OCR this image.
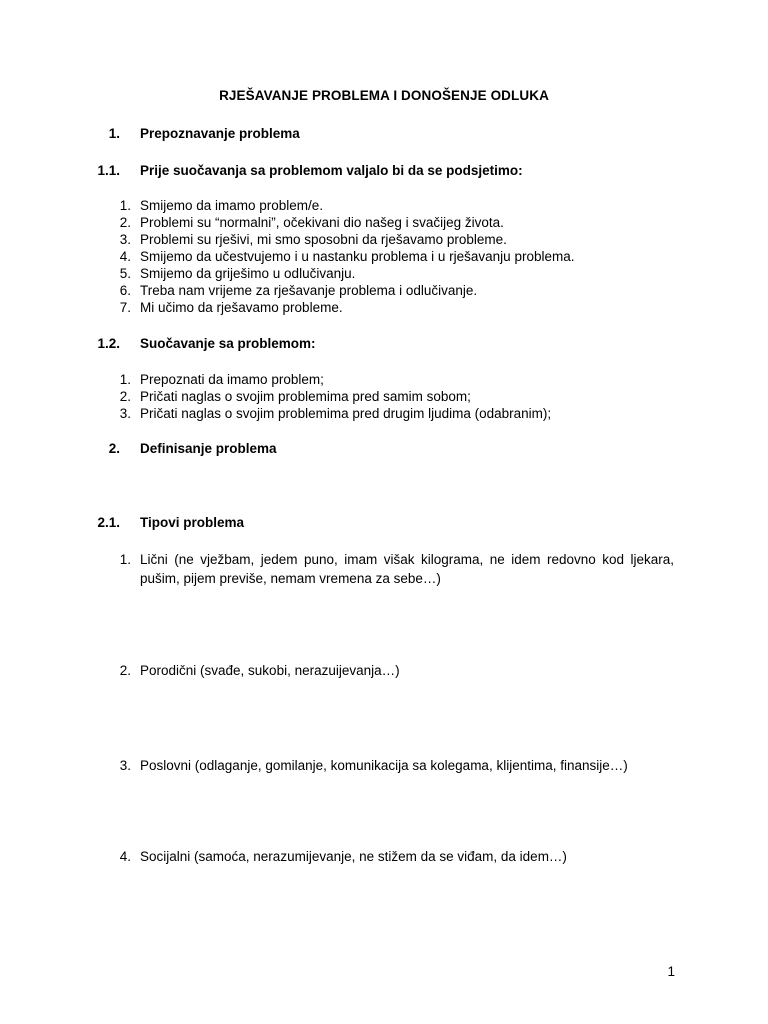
RJEŠAVANJE PROBLEMA I DONOŠENJE ODLUKA
1. Prepoznavanje problema
1.1. Prije suočavanja sa problemom valjalo bi da se podsjetimo:
1. Smijemo da imamo problem/e.
2. Problemi su “normalni”, očekivani dio našeg i svačijeg života.
3. Problemi su rješivi, mi smo sposobni da rješavamo probleme.
4. Smijemo da učestvujemo i u nastanku problema i u rješavanju problema.
5. Smijemo da griješimo u odlučivanju.
6. Treba nam vrijeme za rješavanje problema i odlučivanje.
7. Mi učimo da rješavamo probleme.
1.2. Suočavanje sa problemom:
1. Prepoznati da imamo problem;
2. Pričati naglas o svojim problemima pred samim sobom;
3. Pričati naglas o svojim problemima pred drugim ljudima (odabranim);
2. Definisanje problema
2.1. Tipovi problema
1. Lični (ne vježbam, jedem puno, imam višak kilograma, ne idem redovno kod ljekara, pušim, pijem previše, nemam vremena za sebe…)
2. Porodični (svađe, sukobi, nerazuijevanja…)
3. Poslovni (odlaganje, gomilanje, komunikacija sa kolegama, klijentima, finansije…)
4. Socijalni (samoća, nerazumijevanje, ne stižem da se viđam, da idem…)
1
